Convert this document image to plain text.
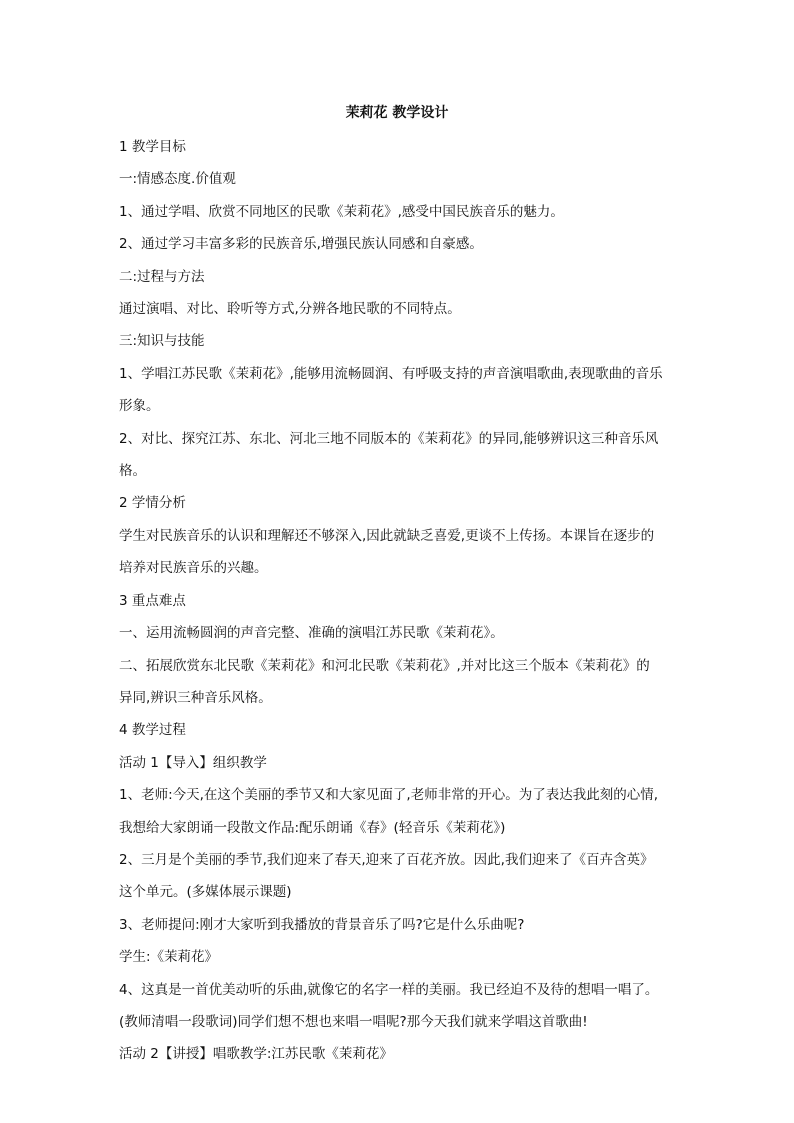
茉莉花 教学设计
1 教学目标
一:情感态度.价值观
1、通过学唱、欣赏不同地区的民歌《茉莉花》,感受中国民族音乐的魅力。
2、通过学习丰富多彩的民族音乐,增强民族认同感和自豪感。
二:过程与方法
通过演唱、对比、聆听等方式,分辨各地民歌的不同特点。
三:知识与技能
1、学唱江苏民歌《茉莉花》,能够用流畅圆润、有呼吸支持的声音演唱歌曲,表现歌曲的音乐
形象。
2、对比、探究江苏、东北、河北三地不同版本的《茉莉花》的异同,能够辨识这三种音乐风
格。
2 学情分析
学生对民族音乐的认识和理解还不够深入,因此就缺乏喜爱,更谈不上传扬。本课旨在逐步的
培养对民族音乐的兴趣。
3 重点难点
一、运用流畅圆润的声音完整、准确的演唱江苏民歌《茉莉花》。
二、拓展欣赏东北民歌《茉莉花》和河北民歌《茉莉花》,并对比这三个版本《茉莉花》的
异同,辨识三种音乐风格。
4 教学过程
活动 1【导入】组织教学
1、老师:今天,在这个美丽的季节又和大家见面了,老师非常的开心。为了表达我此刻的心情,
我想给大家朗诵一段散文作品:配乐朗诵《春》(轻音乐《茉莉花》)
2、三月是个美丽的季节,我们迎来了春天,迎来了百花齐放。因此,我们迎来了《百卉含英》
这个单元。(多媒体展示课题)
3、老师提问:刚才大家听到我播放的背景音乐了吗?它是什么乐曲呢?
学生:《茉莉花》
4、这真是一首优美动听的乐曲,就像它的名字一样的美丽。我已经迫不及待的想唱一唱了。
(教师清唱一段歌词)同学们想不想也来唱一唱呢?那今天我们就来学唱这首歌曲!
活动 2【讲授】唱歌教学:江苏民歌《茉莉花》
